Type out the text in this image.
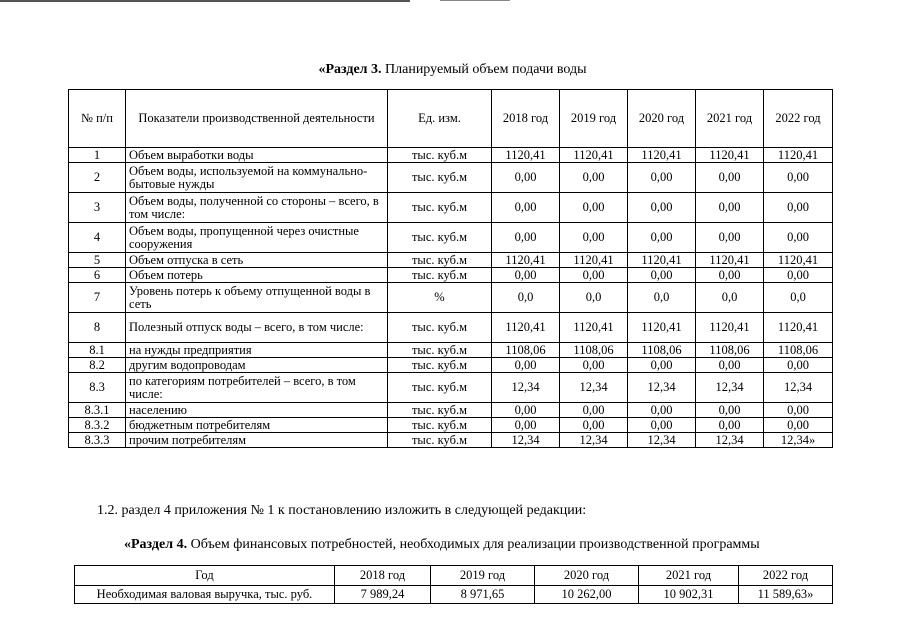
«Раздел 3. Планируемый объем подачи воды
№ п/п	Показатели производственной деятельности	Ед. изм.	2018 год	2019 год	2020 год	2021 год	2022 год
1	Объем выработки воды	тыс. куб.м	1120,41	1120,41	1120,41	1120,41	1120,41
2	Объем воды, используемой на коммунально-бытовые нужды	тыс. куб.м	0,00	0,00	0,00	0,00	0,00
3	Объем воды, полученной со стороны – всего, в том числе:	тыс. куб.м	0,00	0,00	0,00	0,00	0,00
4	Объем воды, пропущенной через очистные сооружения	тыс. куб.м	0,00	0,00	0,00	0,00	0,00
5	Объем отпуска в сеть	тыс. куб.м	1120,41	1120,41	1120,41	1120,41	1120,41
6	Объем потерь	тыс. куб.м	0,00	0,00	0,00	0,00	0,00
7	Уровень потерь к объему отпущенной воды в сеть	%	0,0	0,0	0,0	0,0	0,0
8	Полезный отпуск воды – всего, в том числе:	тыс. куб.м	1120,41	1120,41	1120,41	1120,41	1120,41
8.1	на нужды предприятия	тыс. куб.м	1108,06	1108,06	1108,06	1108,06	1108,06
8.2	другим водопроводам	тыс. куб.м	0,00	0,00	0,00	0,00	0,00
8.3	по категориям потребителей – всего, в том числе:	тыс. куб.м	12,34	12,34	12,34	12,34	12,34
8.3.1	населению	тыс. куб.м	0,00	0,00	0,00	0,00	0,00
8.3.2	бюджетным потребителям	тыс. куб.м	0,00	0,00	0,00	0,00	0,00
8.3.3	прочим потребителям	тыс. куб.м	12,34	12,34	12,34	12,34	12,34»
1.2. раздел 4 приложения № 1 к постановлению изложить в следующей редакции:
«Раздел 4. Объем финансовых потребностей, необходимых для реализации производственной программы
Год	2018 год	2019 год	2020 год	2021 год	2022 год
Необходимая валовая выручка, тыс. руб.	7 989,24	8 971,65	10 262,00	10 902,31	11 589,63»
